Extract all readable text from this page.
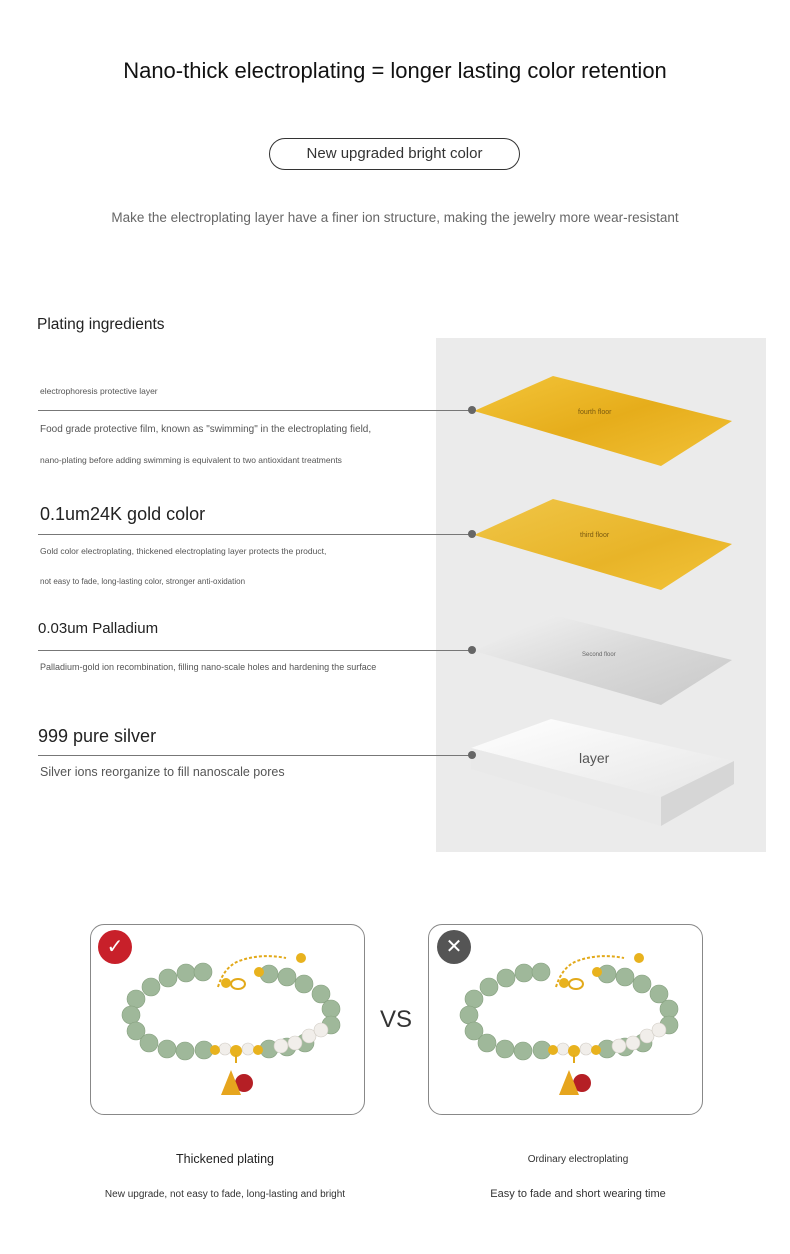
Nano-thick electroplating = longer lasting color retention
New upgraded bright color
Make the electroplating layer have a finer ion structure, making the jewelry more wear-resistant
Plating ingredients
fourth floor
third floor
Second floor
layer
electrophoresis protective layer
Food grade protective film, known as "swimming" in the electroplating field,
nano-plating before adding swimming is equivalent to two antioxidant treatments
0.1um24K gold color
Gold color electroplating, thickened electroplating layer protects the product,
not easy to fade, long-lasting color, stronger anti-oxidation
0.03um Palladium
Palladium-gold ion recombination, filling nano-scale holes and hardening the surface
999 pure silver
Silver ions reorganize to fill nanoscale pores
✓
VS
✕
Thickened plating	Ordinary electroplating
New upgrade, not easy to fade, long-lasting and bright	Easy to fade and short wearing time
